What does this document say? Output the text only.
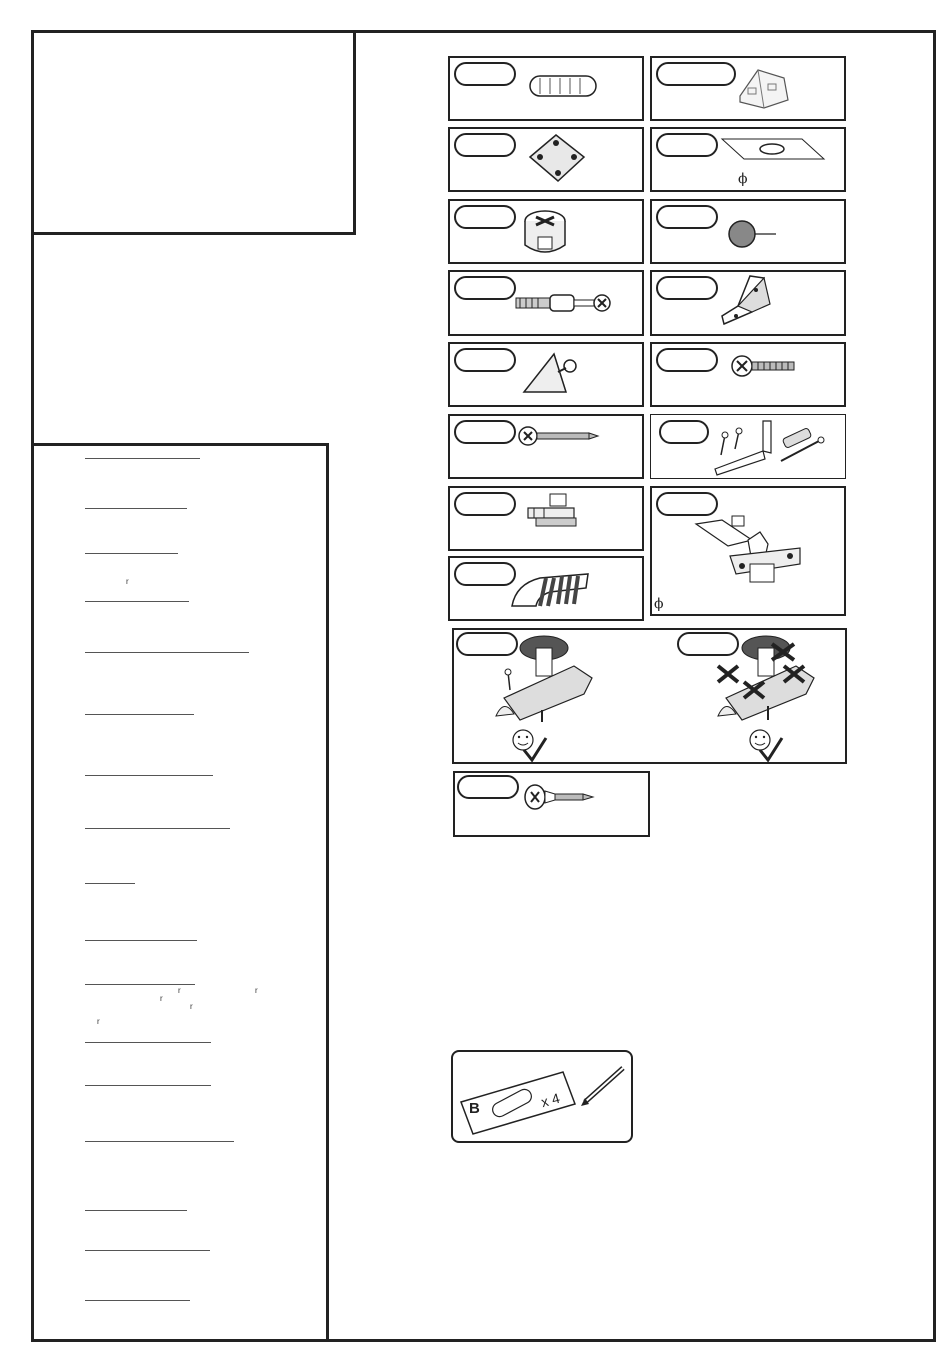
r
r	r
r
r
r
ϕ
ϕ
B	x 4
